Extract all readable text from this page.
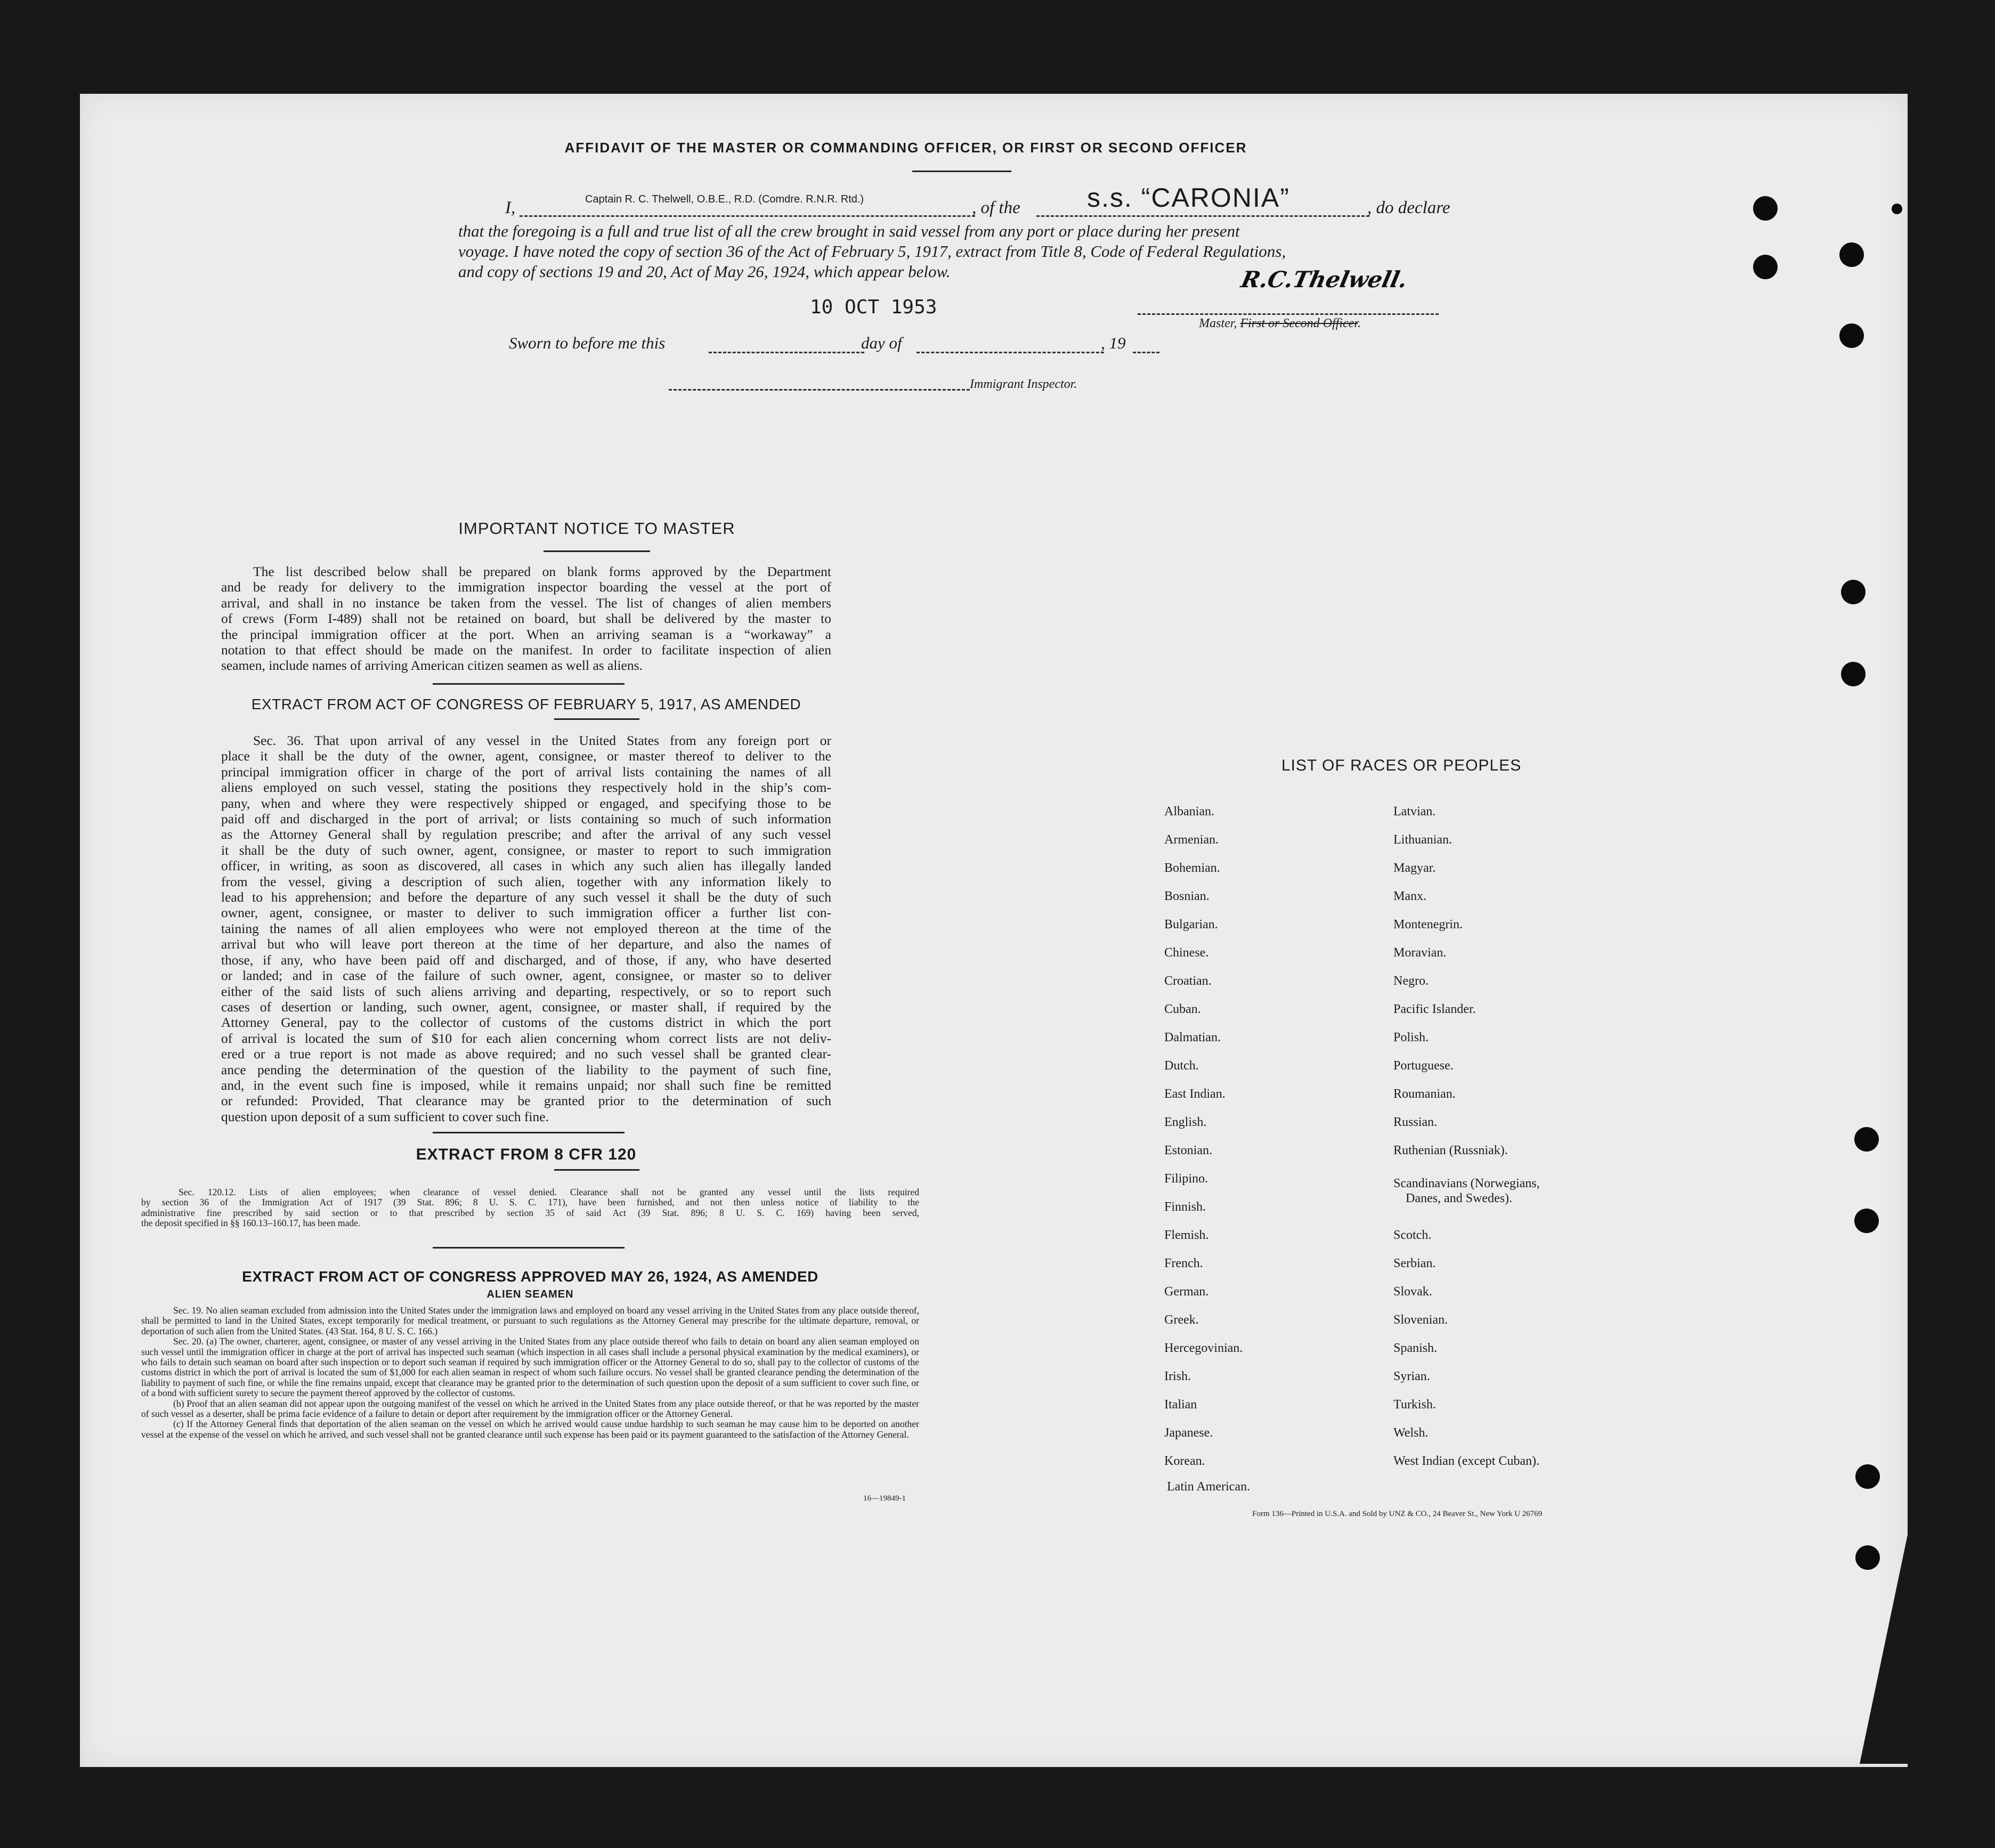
AFFIDAVIT OF THE MASTER OR COMMANDING OFFICER, OR FIRST OR SECOND OFFICER
I,	Captain R. C. Thelwell, O.B.E., R.D. (Comdre. R.N.R. Rtd.)	, of the	s.s. “CARONIA”	, do declare
that the foregoing is a full and true list of all the crew brought in said vessel from any port or place during her present
voyage. I have noted the copy of section 36 of the Act of February 5, 1917, extract from Title 8, Code of Federal Regulations,
and copy of sections 19 and 20, Act of May 26, 1924, which appear below.
10 OCT 1953
R.C.Thelwell.
Master, First or Second Officer.
Sworn to before me this	day of	, 19
Immigrant Inspector.
IMPORTANT NOTICE TO MASTER
The list described below shall be prepared on blank forms approved by the Department
and be ready for delivery to the immigration inspector boarding the vessel at the port of
arrival, and shall in no instance be taken from the vessel. The list of changes of alien members
of crews (Form I-489) shall not be retained on board, but shall be delivered by the master to
the principal immigration officer at the port. When an arriving seaman is a “workaway” a
notation to that effect should be made on the manifest. In order to facilitate inspection of alien
seamen, include names of arriving American citizen seamen as well as aliens.
EXTRACT FROM ACT OF CONGRESS OF FEBRUARY 5, 1917, AS AMENDED
Sec. 36. That upon arrival of any vessel in the United States from any foreign port or
place it shall be the duty of the owner, agent, consignee, or master thereof to deliver to the
principal immigration officer in charge of the port of arrival lists containing the names of all
aliens employed on such vessel, stating the positions they respectively hold in the ship’s com-
pany, when and where they were respectively shipped or engaged, and specifying those to be
paid off and discharged in the port of arrival; or lists containing so much of such information
as the Attorney General shall by regulation prescribe; and after the arrival of any such vessel
it shall be the duty of such owner, agent, consignee, or master to report to such immigration
officer, in writing, as soon as discovered, all cases in which any such alien has illegally landed
from the vessel, giving a description of such alien, together with any information likely to
lead to his apprehension; and before the departure of any such vessel it shall be the duty of such
owner, agent, consignee, or master to deliver to such immigration officer a further list con-
taining the names of all alien employees who were not employed thereon at the time of the
arrival but who will leave port thereon at the time of her departure, and also the names of
those, if any, who have been paid off and discharged, and of those, if any, who have deserted
or landed; and in case of the failure of such owner, agent, consignee, or master so to deliver
either of the said lists of such aliens arriving and departing, respectively, or so to report such
cases of desertion or landing, such owner, agent, consignee, or master shall, if required by the
Attorney General, pay to the collector of customs of the customs district in which the port
of arrival is located the sum of $10 for each alien concerning whom correct lists are not deliv-
ered or a true report is not made as above required; and no such vessel shall be granted clear-
ance pending the determination of the question of the liability to the payment of such fine,
and, in the event such fine is imposed, while it remains unpaid; nor shall such fine be remitted
or refunded: Provided, That clearance may be granted prior to the determination of such
question upon deposit of a sum sufficient to cover such fine.
EXTRACT FROM 8 CFR 120
Sec. 120.12. Lists of alien employees; when clearance of vessel denied. Clearance shall not be granted any vessel until the lists required
by section 36 of the Immigration Act of 1917 (39 Stat. 896; 8 U. S. C. 171), have been furnished, and not then unless notice of liability to the
administrative fine prescribed by said section or to that prescribed by section 35 of said Act (39 Stat. 896; 8 U. S. C. 169) having been served,
the deposit specified in §§ 160.13–160.17, has been made.
EXTRACT FROM ACT OF CONGRESS APPROVED MAY 26, 1924, AS AMENDED
ALIEN SEAMEN

Sec. 19. No alien seaman excluded from admission into the United States under the immigration laws and employed on board any vessel arriving in the United States from any place outside thereof, shall be permitted to land in the United States, except temporarily for medical treatment, or pursuant to such regulations as the Attorney General may prescribe for the ultimate departure, removal, or deportation of such alien from the United States. (43 Stat. 164, 8 U. S. C. 166.)

Sec. 20. (a) The owner, charterer, agent, consignee, or master of any vessel arriving in the United States from any place outside thereof who fails to detain on board any alien seaman employed on such vessel until the immigration officer in charge at the port of arrival has inspected such seaman (which inspection in all cases shall include a personal physical examination by the medical examiners), or who fails to detain such seaman on board after such inspection or to deport such seaman if required by such immigration officer or the Attorney General to do so, shall pay to the collector of customs of the customs district in which the port of arrival is located the sum of $1,000 for each alien seaman in respect of whom such failure occurs. No vessel shall be granted clearance pending the determination of the liability to payment of such fine, or while the fine remains unpaid, except that clearance may be granted prior to the determination of such question upon the deposit of a sum sufficient to cover such fine, or of a bond with sufficient surety to secure the payment thereof approved by the collector of customs.

(b) Proof that an alien seaman did not appear upon the outgoing manifest of the vessel on which he arrived in the United States from any place outside thereof, or that he was reported by the master of such vessel as a deserter, shall be prima facie evidence of a failure to detain or deport after requirement by the immigration officer or the Attorney General.

(c) If the Attorney General finds that deportation of the alien seaman on the vessel on which he arrived would cause undue hardship to such seaman he may cause him to be deported on another vessel at the expense of the vessel on which he arrived, and such vessel shall not be granted clearance until such expense has been paid or its payment guaranteed to the satisfaction of the Attorney General.

16—19849-1
LIST OF RACES OR PEOPLES
Albanian.
Armenian.
Bohemian.
Bosnian.
Bulgarian.
Chinese.
Croatian.
Cuban.
Dalmatian.
Dutch.
East Indian.
English.
Estonian.
Filipino.
Finnish.
Flemish.
French.
German.
Greek.
Hercegovinian.
Irish.
Italian
Japanese.
Korean.
Latin American.
Latvian.
Lithuanian.
Magyar.
Manx.
Montenegrin.
Moravian.
Negro.
Pacific Islander.
Polish.
Portuguese.
Roumanian.
Russian.
Ruthenian (Russniak).
Scandinavians (Norwegians,
Danes, and Swedes).
Scotch.
Serbian.
Slovak.
Slovenian.
Spanish.
Syrian.
Turkish.
Welsh.
West Indian (except Cuban).
Form 136—Printed in U.S.A. and Sold by UNZ & CO., 24 Beaver St., New York U 26769
